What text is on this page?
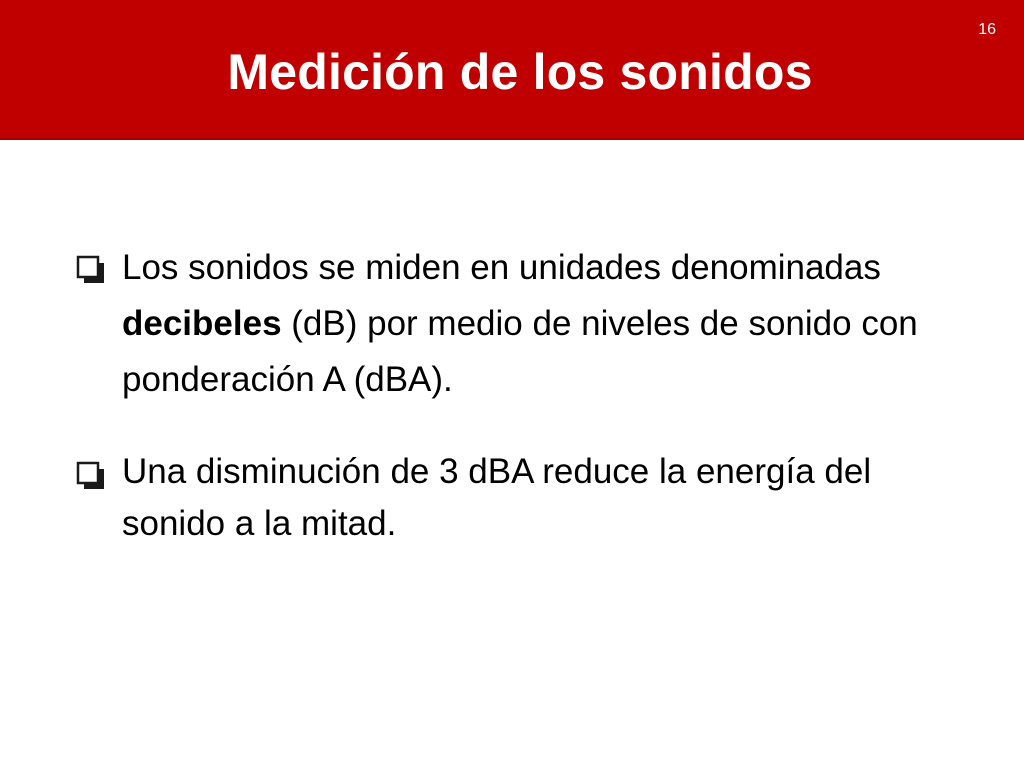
16
Medición de los sonidos
Los sonidos se miden en unidades denominadas decibeles (dB) por medio de niveles de sonido con ponderación A (dBA).
Una disminución de 3 dBA reduce la energía del sonido a la mitad.
